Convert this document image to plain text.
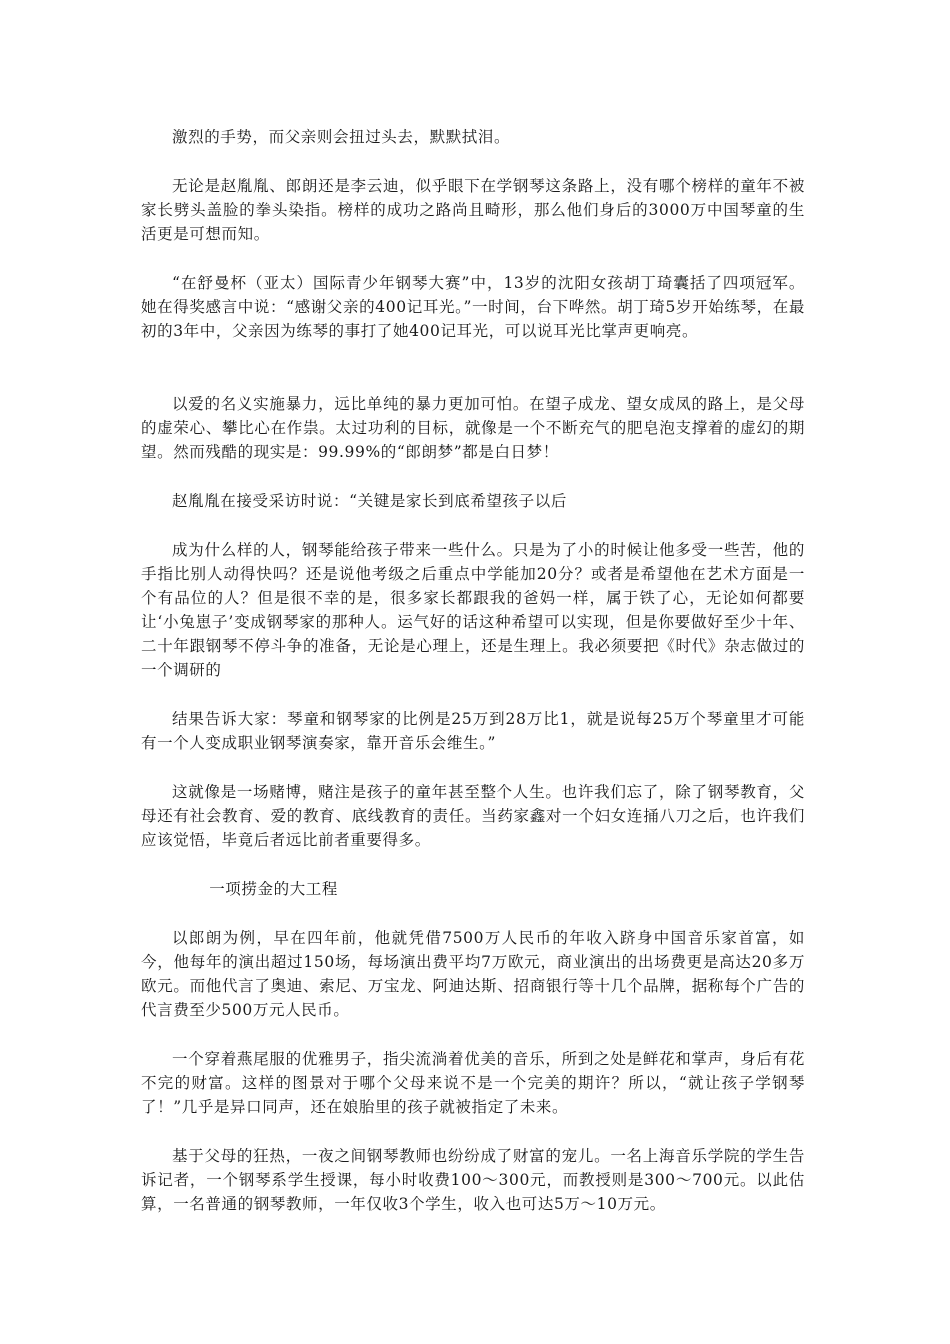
激烈的手势，而父亲则会扭过头去，默默拭泪。

无论是赵胤胤、郎朗还是李云迪，似乎眼下在学钢琴这条路上，没有哪个榜样的童年不被家长劈头盖脸的拳头染指。榜样的成功之路尚且畸形，那么他们身后的3000万中国琴童的生活更是可想而知。

“在舒曼杯（亚太）国际青少年钢琴大赛”中，13岁的沈阳女孩胡丁琦囊括了四项冠军。她在得奖感言中说：“感谢父亲的400记耳光。”一时间，台下哗然。胡丁琦5岁开始练琴，在最初的3年中，父亲因为练琴的事打了她400记耳光，可以说耳光比掌声更响亮。

以爱的名义实施暴力，远比单纯的暴力更加可怕。在望子成龙、望女成凤的路上，是父母的虚荣心、攀比心在作祟。太过功利的目标，就像是一个不断充气的肥皂泡支撑着的虚幻的期望。然而残酷的现实是：99.99%的“郎朗梦”都是白日梦！

赵胤胤在接受采访时说：“关键是家长到底希望孩子以后

成为什么样的人，钢琴能给孩子带来一些什么。只是为了小的时候让他多受一些苦，他的手指比别人动得快吗？还是说他考级之后重点中学能加20分？或者是希望他在艺术方面是一个有品位的人？但是很不幸的是，很多家长都跟我的爸妈一样，属于铁了心，无论如何都要让‘小兔崽子’变成钢琴家的那种人。运气好的话这种希望可以实现，但是你要做好至少十年、二十年跟钢琴不停斗争的准备，无论是心理上，还是生理上。我必须要把《时代》杂志做过的一个调研的

结果告诉大家：琴童和钢琴家的比例是25万到28万比1，就是说每25万个琴童里才可能有一个人变成职业钢琴演奏家，靠开音乐会维生。”

这就像是一场赌博，赌注是孩子的童年甚至整个人生。也许我们忘了，除了钢琴教育，父母还有社会教育、爱的教育、底线教育的责任。当药家鑫对一个妇女连捅八刀之后，也许我们应该觉悟，毕竟后者远比前者重要得多。

一项捞金的大工程

以郎朗为例，早在四年前，他就凭借7500万人民币的年收入跻身中国音乐家首富，如今，他每年的演出超过150场，每场演出费平均7万欧元，商业演出的出场费更是高达20多万欧元。而他代言了奥迪、索尼、万宝龙、阿迪达斯、招商银行等十几个品牌，据称每个广告的代言费至少500万元人民币。

一个穿着燕尾服的优雅男子，指尖流淌着优美的音乐，所到之处是鲜花和掌声，身后有花不完的财富。这样的图景对于哪个父母来说不是一个完美的期许？所以，“就让孩子学钢琴了！”几乎是异口同声，还在娘胎里的孩子就被指定了未来。

基于父母的狂热，一夜之间钢琴教师也纷纷成了财富的宠儿。一名上海音乐学院的学生告诉记者，一个钢琴系学生授课，每小时收费100～300元，而教授则是300～700元。以此估算，一名普通的钢琴教师，一年仅收3个学生，收入也可达5万～10万元。
